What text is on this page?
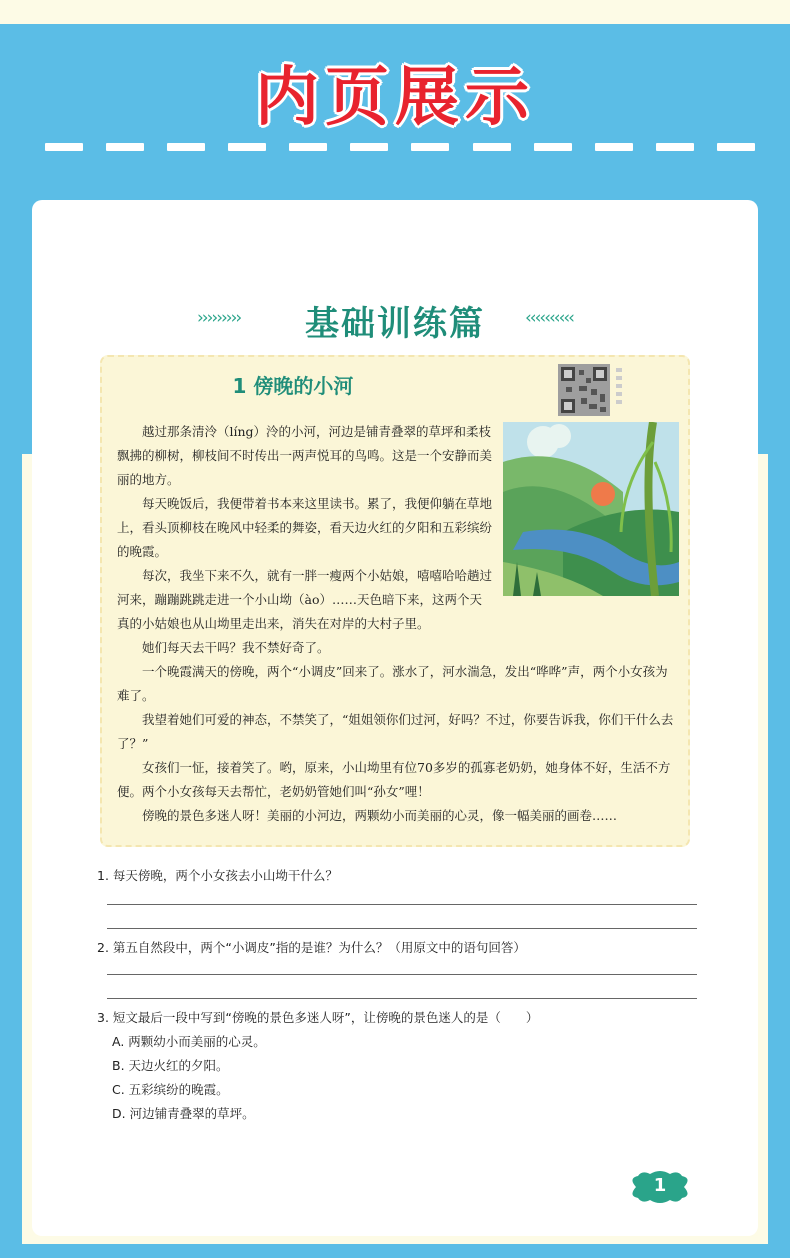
内页展示
›››››››››	基础训练篇	‹‹‹‹‹‹‹‹‹‹
1 傍晚的小河

越过那条清泠（líng）泠的小河，河边是铺青叠翠的草坪和柔枝飘拂的柳树，柳枝间不时传出一两声悦耳的鸟鸣。这是一个安静而美丽的地方。

每天晚饭后，我便带着书本来这里读书。累了，我便仰躺在草地上，看头顶柳枝在晚风中轻柔的舞姿，看天边火红的夕阳和五彩缤纷的晚霞。

每次，我坐下来不久，就有一胖一瘦两个小姑娘，嘻嘻哈哈趟过河来，蹦蹦跳跳走进一个小山坳（ào）……天色暗下来，这两个天真的小姑娘也从山坳里走出来，消失在对岸的大村子里。

她们每天去干吗？我不禁好奇了。

一个晚霞满天的傍晚，两个“小调皮”回来了。涨水了，河水湍急，发出“哗哗”声，两个小女孩为难了。

我望着她们可爱的神态，不禁笑了，“姐姐领你们过河，好吗？不过，你要告诉我，你们干什么去了？”

女孩们一怔，接着笑了。哟，原来，小山坳里有位70多岁的孤寡老奶奶，她身体不好，生活不方便。两个小女孩每天去帮忙，老奶奶管她们叫“孙女”哩！

傍晚的景色多迷人呀！美丽的小河边，两颗幼小而美丽的心灵，像一幅美丽的画卷……

1. 每天傍晚，两个小女孩去小山坳干什么？
2. 第五自然段中，两个“小调皮”指的是谁？为什么？（用原文中的语句回答）
3. 短文最后一段中写到“傍晚的景色多迷人呀”，让傍晚的景色迷人的是（　　）
A. 两颗幼小而美丽的心灵。
B. 天边火红的夕阳。
C. 五彩缤纷的晚霞。
D. 河边铺青叠翠的草坪。
1
